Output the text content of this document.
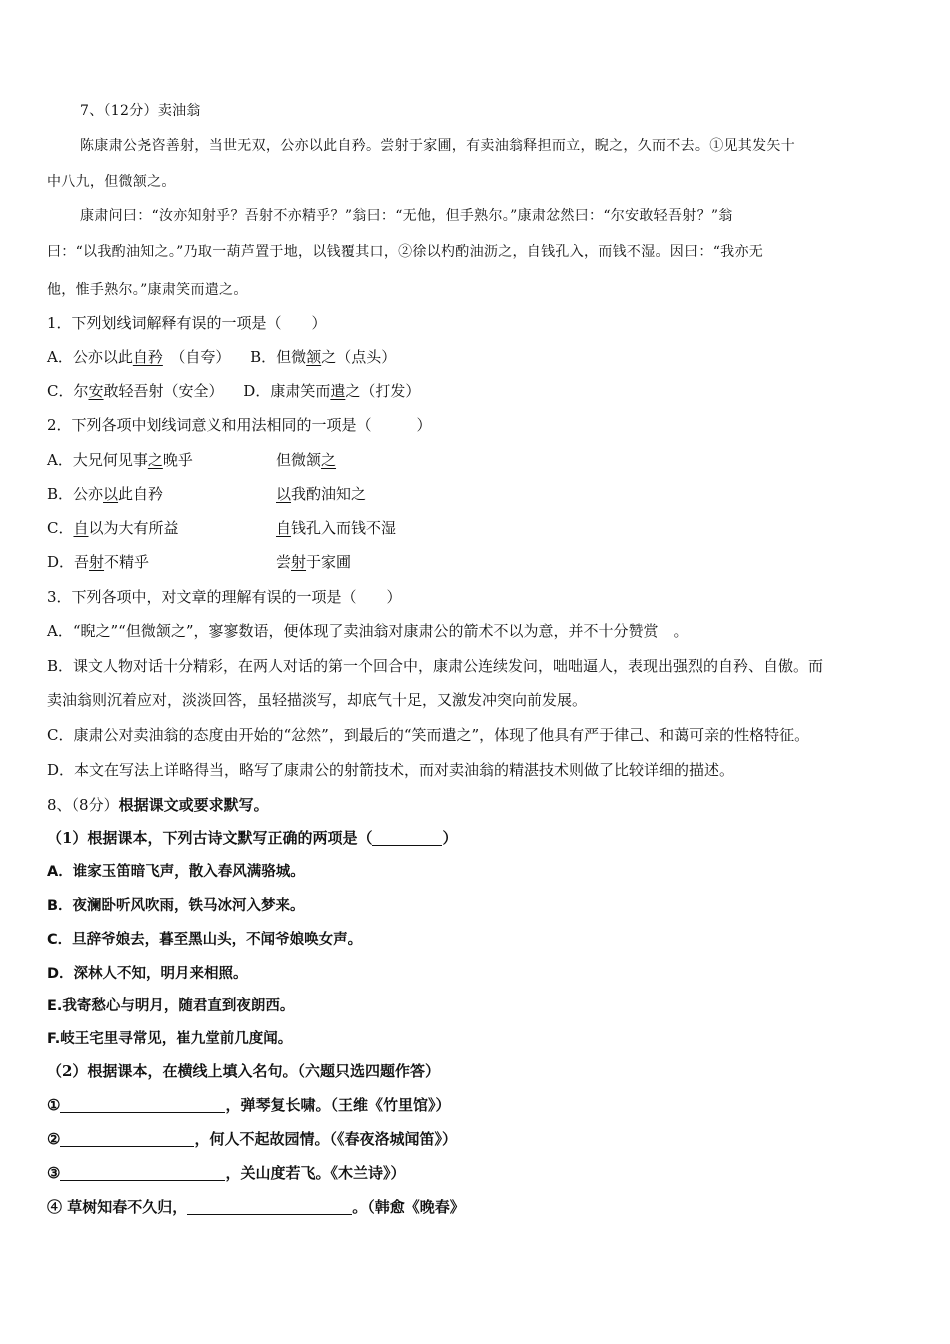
7、（12分）卖油翁
陈康肃公尧咨善射，当世无双，公亦以此自矜。尝射于家圃，有卖油翁释担而立，睨之，久而不去。①见其发矢十
中八九，但微颔之。
康肃问曰：“汝亦知射乎？吾射不亦精乎？”翁曰：“无他，但手熟尔。”康肃忿然曰：“尔安敢轻吾射？”翁
曰：“以我酌油知之。”乃取一葫芦置于地，以钱覆其口，②徐以杓酌油沥之，自钱孔入，而钱不湿。因曰：“我亦无
他，惟手熟尔。”康肃笑而遣之。
1．下列划线词解释有误的一项是（　　）
A．公亦以此自矜　（自夸） 　B．但微颔之（点头）
C．尔安敢轻吾射（安全） 　D．康肃笑而遣之（打发）
2．下列各项中划线词意义和用法相同的一项是（　　　）
A．大兄何见事之晚乎	但微颔之
B．公亦以此自矜	以我酌油知之
C．自以为大有所益	自钱孔入而钱不湿
D．吾射不精乎	尝射于家圃
3．下列各项中，对文章的理解有误的一项是（　　）
A．“睨之”“但微颔之”，寥寥数语，便体现了卖油翁对康肃公的箭术不以为意，并不十分赞赏　。
B．课文人物对话十分精彩，在两人对话的第一个回合中，康肃公连续发问，咄咄逼人，表现出强烈的自矜、自傲。而
卖油翁则沉着应对，淡淡回答，虽轻描淡写，却底气十足，又激发冲突向前发展。
C．康肃公对卖油翁的态度由开始的“忿然”，到最后的“笑而遣之”，体现了他具有严于律己、和蔼可亲的性格特征。
D．本文在写法上详略得当，略写了康肃公的射箭技术，而对卖油翁的精湛技术则做了比较详细的描述。
8、（8分）根据课文或要求默写。
（1）根据课本，下列古诗文默写正确的两项是（	）
A．谁家玉笛暗飞声，散入春风满骆城。
B．夜澜卧听风吹雨，铁马冰河入梦来。
C．旦辞爷娘去，暮至黑山头，不闻爷娘唤女声。
D．深林人不知，明月来相照。
E.我寄愁心与明月，随君直到夜朗西。
F.岐王宅里寻常见，崔九堂前几度闻。
（2）根据课本，在横线上填入名句。（六题只选四题作答）
①	，弹琴复长啸。（王维《竹里馆》）
②	，何人不起故园情。（《春夜洛城闻笛》）
③	，关山度若飞。《木兰诗》）
④ 草树知春不久归，	。（韩愈《晚春》
